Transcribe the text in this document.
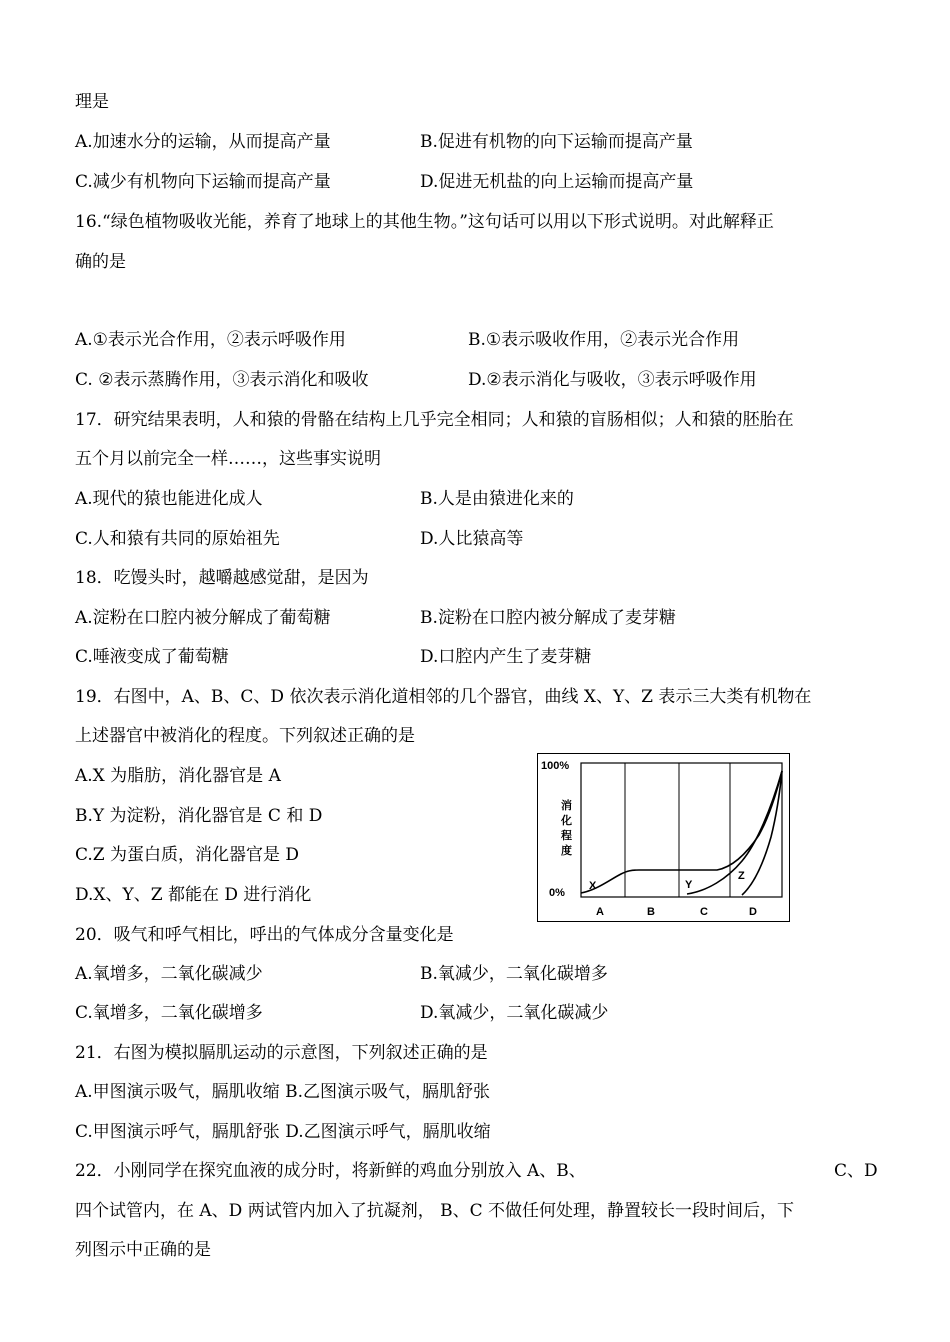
理是
A.加速水分的运输，从而提高产量	B.促进有机物的向下运输而提高产量
C.减少有机物向下运输而提高产量	D.促进无机盐的向上运输而提高产量
16.“绿色植物吸收光能，养育了地球上的其他生物。”这句话可以用以下形式说明。对此解释正
确的是
A.①表示光合作用，②表示呼吸作用	B.①表示吸收作用，②表示光合作用
C. ②表示蒸腾作用，③表示消化和吸收	D.②表示消化与吸收，③表示呼吸作用
17．研究结果表明，人和猿的骨骼在结构上几乎完全相同；人和猿的盲肠相似；人和猿的胚胎在
五个月以前完全一样……，这些事实说明
A.现代的猿也能进化成人	B.人是由猿进化来的
C.人和猿有共同的原始祖先	D.人比猿高等
18．吃馒头时，越嚼越感觉甜，是因为
A.淀粉在口腔内被分解成了葡萄糖	B.淀粉在口腔内被分解成了麦芽糖
C.唾液变成了葡萄糖	D.口腔内产生了麦芽糖
19．右图中，A、B、C、D 依次表示消化道相邻的几个器官，曲线 X、Y、Z 表示三大类有机物在
上述器官中被消化的程度。下列叙述正确的是
A.X 为脂肪，消化器官是 A
B.Y 为淀粉，消化器官是 C 和 D
C.Z 为蛋白质，消化器官是 D
D.X、Y、Z 都能在 D 进行消化
100%
0%
消
化
程
度
A	B	C	D
X	Y
Z
20．吸气和呼气相比，呼出的气体成分含量变化是
A.氧增多，二氧化碳减少	B.氧减少，二氧化碳增多
C.氧增多，二氧化碳增多	D.氧减少，二氧化碳减少
21．右图为模拟膈肌运动的示意图，下列叙述正确的是
A.甲图演示吸气，膈肌收缩 B.乙图演示吸气，膈肌舒张
C.甲图演示呼气，膈肌舒张 D.乙图演示呼气，膈肌收缩
22．小刚同学在探究血液的成分时，将新鲜的鸡血分别放入 A、B、	C、D
四个试管内，在 A、D 两试管内加入了抗凝剂， B、C 不做任何处理，静置较长一段时间后，下
列图示中正确的是
